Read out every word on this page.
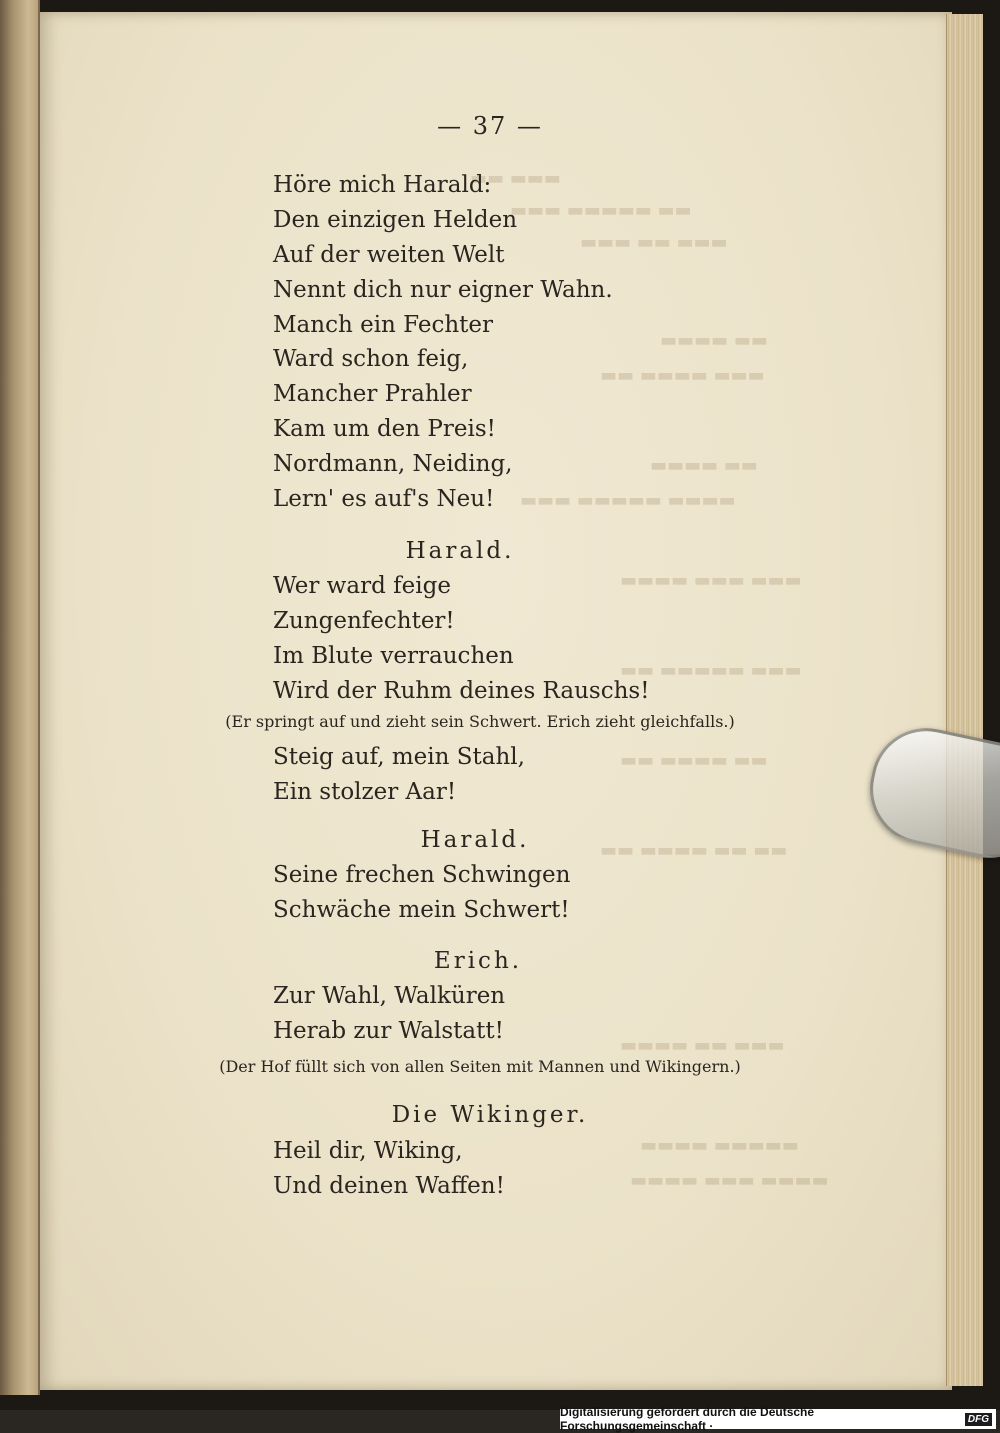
▬▬ ▬▬▬
▬▬▬ ▬▬▬▬▬ ▬▬
▬▬▬ ▬▬ ▬▬▬
▬▬▬▬ ▬▬
▬▬ ▬▬▬▬ ▬▬▬
▬▬▬▬ ▬▬
▬▬▬ ▬▬▬▬▬ ▬▬▬▬
▬▬▬▬ ▬▬▬ ▬▬▬
▬▬ ▬▬▬▬▬ ▬▬▬
▬▬ ▬▬▬▬ ▬▬
▬▬ ▬▬▬▬ ▬▬ ▬▬
▬▬▬▬ ▬▬ ▬▬▬
▬▬▬▬ ▬▬▬▬▬
▬▬▬▬ ▬▬▬ ▬▬▬▬
— 37 —
Höre mich Harald:
Den einzigen Helden
Auf der weiten Welt
Nennt dich nur eigner Wahn.
Manch ein Fechter
Ward schon feig,
Mancher Prahler
Kam um den Preis!
Nordmann, Neiding,
Lern' es auf's Neu!
Harald.
Wer ward feige
Zungenfechter!
Im Blute verrauchen
Wird der Ruhm deines Rauschs!
(Er springt auf und zieht sein Schwert. Erich zieht gleichfalls.)
Steig auf, mein Stahl,
Ein stolzer Aar!
Harald.
Seine frechen Schwingen
Schwäche mein Schwert!
Erich.
Zur Wahl, Walküren
Herab zur Walstatt!
(Der Hof füllt sich von allen Seiten mit Mannen und Wikingern.)
Die Wikinger.
Heil dir, Wiking,
Und deinen Waffen!
Digitalisierung gefördert durch die Deutsche Forschungsgemeinschaft ·	DFG
